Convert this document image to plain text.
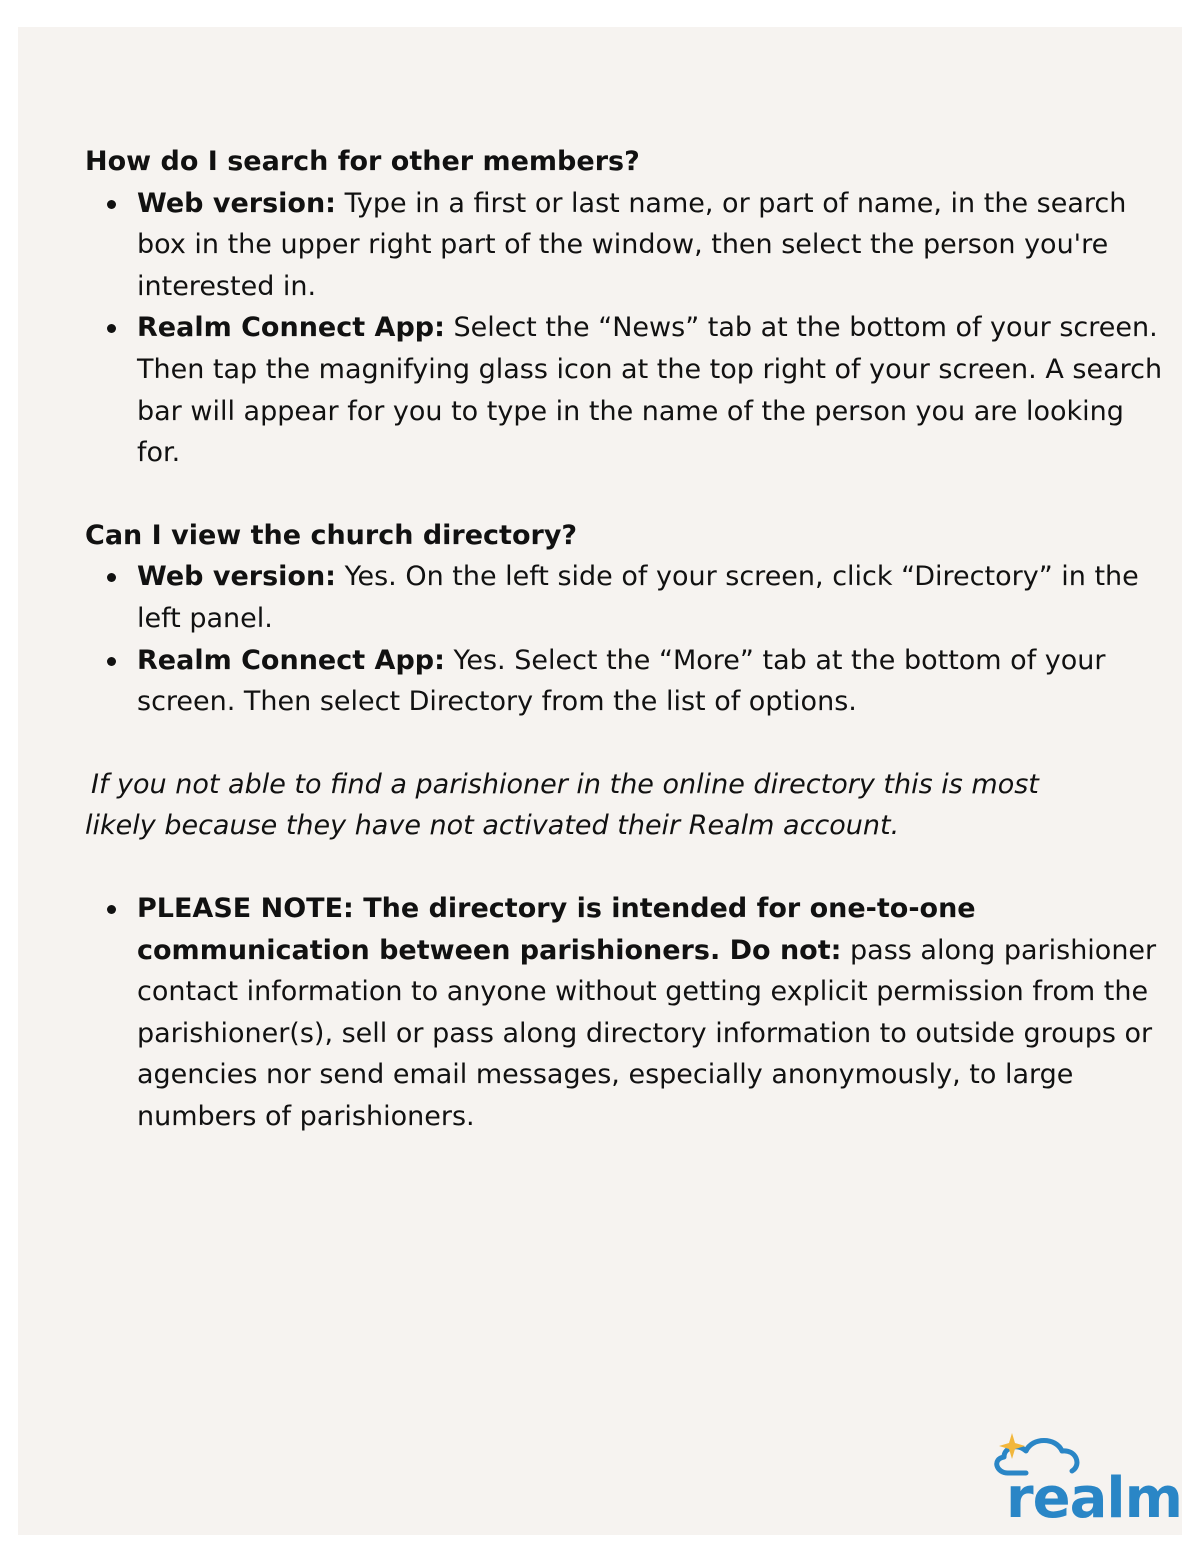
How do I search for other members?
Web version: Type in a first or last name, or part of name, in the search box in the upper right part of the window, then select the person you're interested in.
Realm Connect App: Select the “News” tab at the bottom of your screen. Then tap the magnifying glass icon at the top right of your screen. A search bar will appear for you to type in the name of the person you are looking for.
Can I view the church directory?
Web version: Yes. On the left side of your screen, click “Directory” in the left panel.
Realm Connect App: Yes. Select the “More” tab at the bottom of your screen. Then select Directory from the list of options.

If you not able to find a parishioner in the online directory this is most
likely because they have not activated their Realm account.

PLEASE NOTE: The directory is intended for one-to-one communication between parishioners. Do not: pass along parishioner contact information to anyone without getting explicit permission from the parishioner(s), sell or pass along directory information to outside groups or agencies nor send email messages, especially anonymously, to large numbers of parishioners.
realm
